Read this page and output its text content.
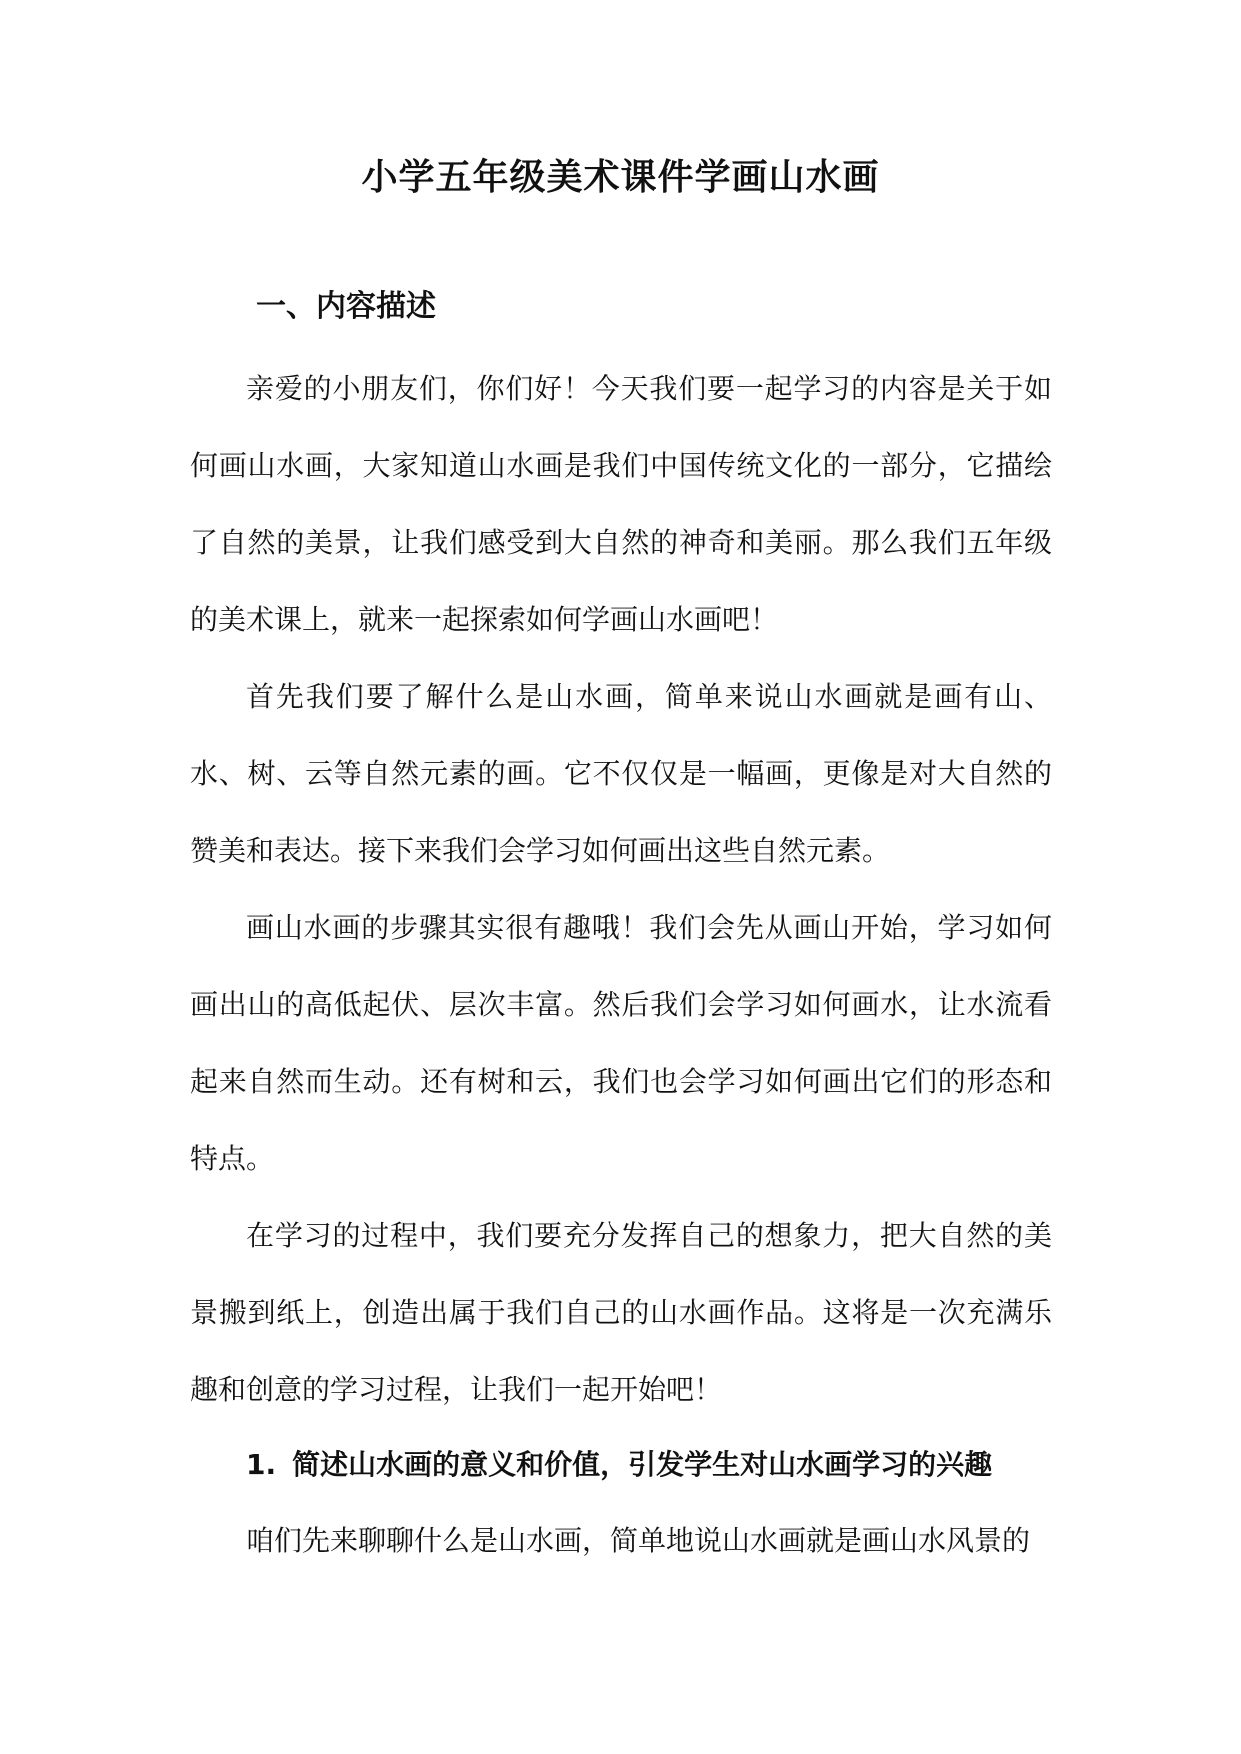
小学五年级美术课件学画山水画
一、内容描述

亲爱的小朋友们，你们好！今天我们要一起学习的内容是关于如何画山水画，大家知道山水画是我们中国传统文化的一部分，它描绘了自然的美景，让我们感受到大自然的神奇和美丽。那么我们五年级的美术课上，就来一起探索如何学画山水画吧！

首先我们要了解什么是山水画，简单来说山水画就是画有山、水、树、云等自然元素的画。它不仅仅是一幅画，更像是对大自然的赞美和表达。接下来我们会学习如何画出这些自然元素。

画山水画的步骤其实很有趣哦！我们会先从画山开始，学习如何画出山的高低起伏、层次丰富。然后我们会学习如何画水，让水流看起来自然而生动。还有树和云，我们也会学习如何画出它们的形态和特点。

在学习的过程中，我们要充分发挥自己的想象力，把大自然的美景搬到纸上，创造出属于我们自己的山水画作品。这将是一次充满乐趣和创意的学习过程，让我们一起开始吧！

1. 简述山水画的意义和价值，引发学生对山水画学习的兴趣

咱们先来聊聊什么是山水画，简单地说山水画就是画山水风景的
